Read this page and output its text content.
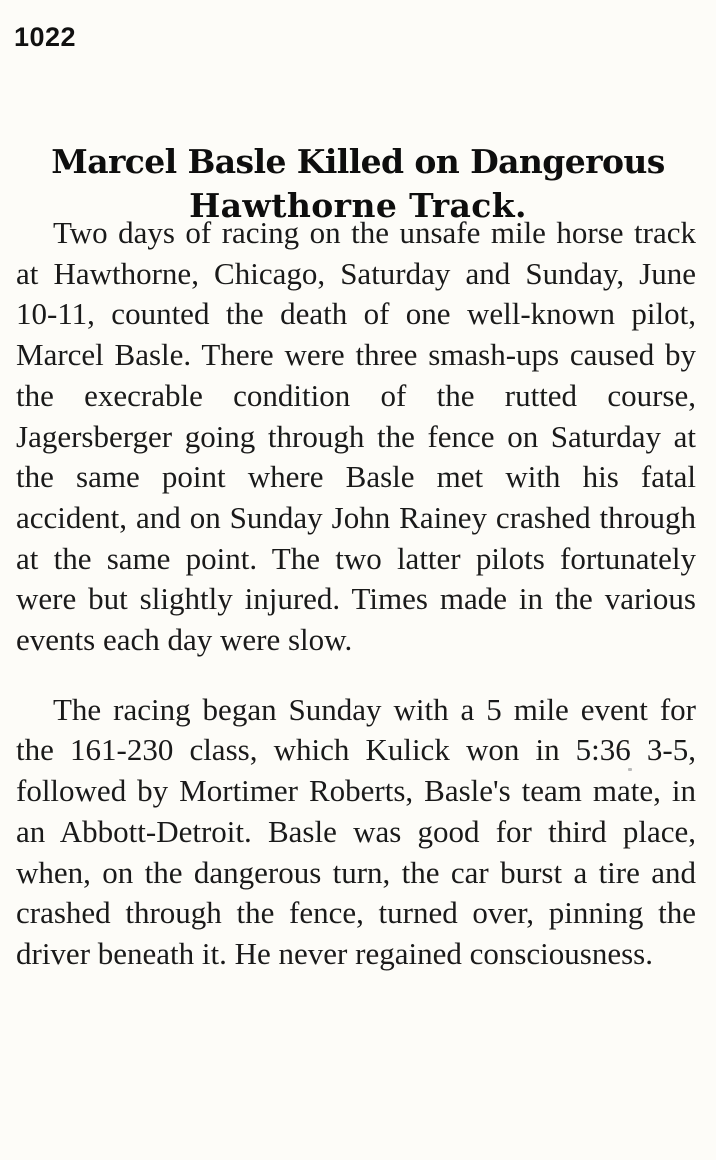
1022
Marcel Basle Killed on Dangerous
Hawthorne Track.

Two days of racing on the unsafe mile horse track at Hawthorne, Chicago, Saturday and Sunday, June 10-11, counted the death of one well-known pilot, Marcel Basle. There were three smash-ups caused by the execrable condition of the rutted course, Jagersberger going through the fence on Saturday at the same point where Basle met with his fatal accident, and on Sunday John Rainey crashed through at the same point. The two latter pilots fortunately were but slightly injured. Times made in the various events each day were slow.

The racing began Sunday with a 5 mile event for the 161-230 class, which Kulick won in 5:36 3-5, followed by Mortimer Roberts, Basle's team mate, in an Abbott-Detroit. Basle was good for third place, when, on the dangerous turn, the car burst a tire and crashed through the fence, turned over, pinning the driver beneath it. He never regained consciousness.
